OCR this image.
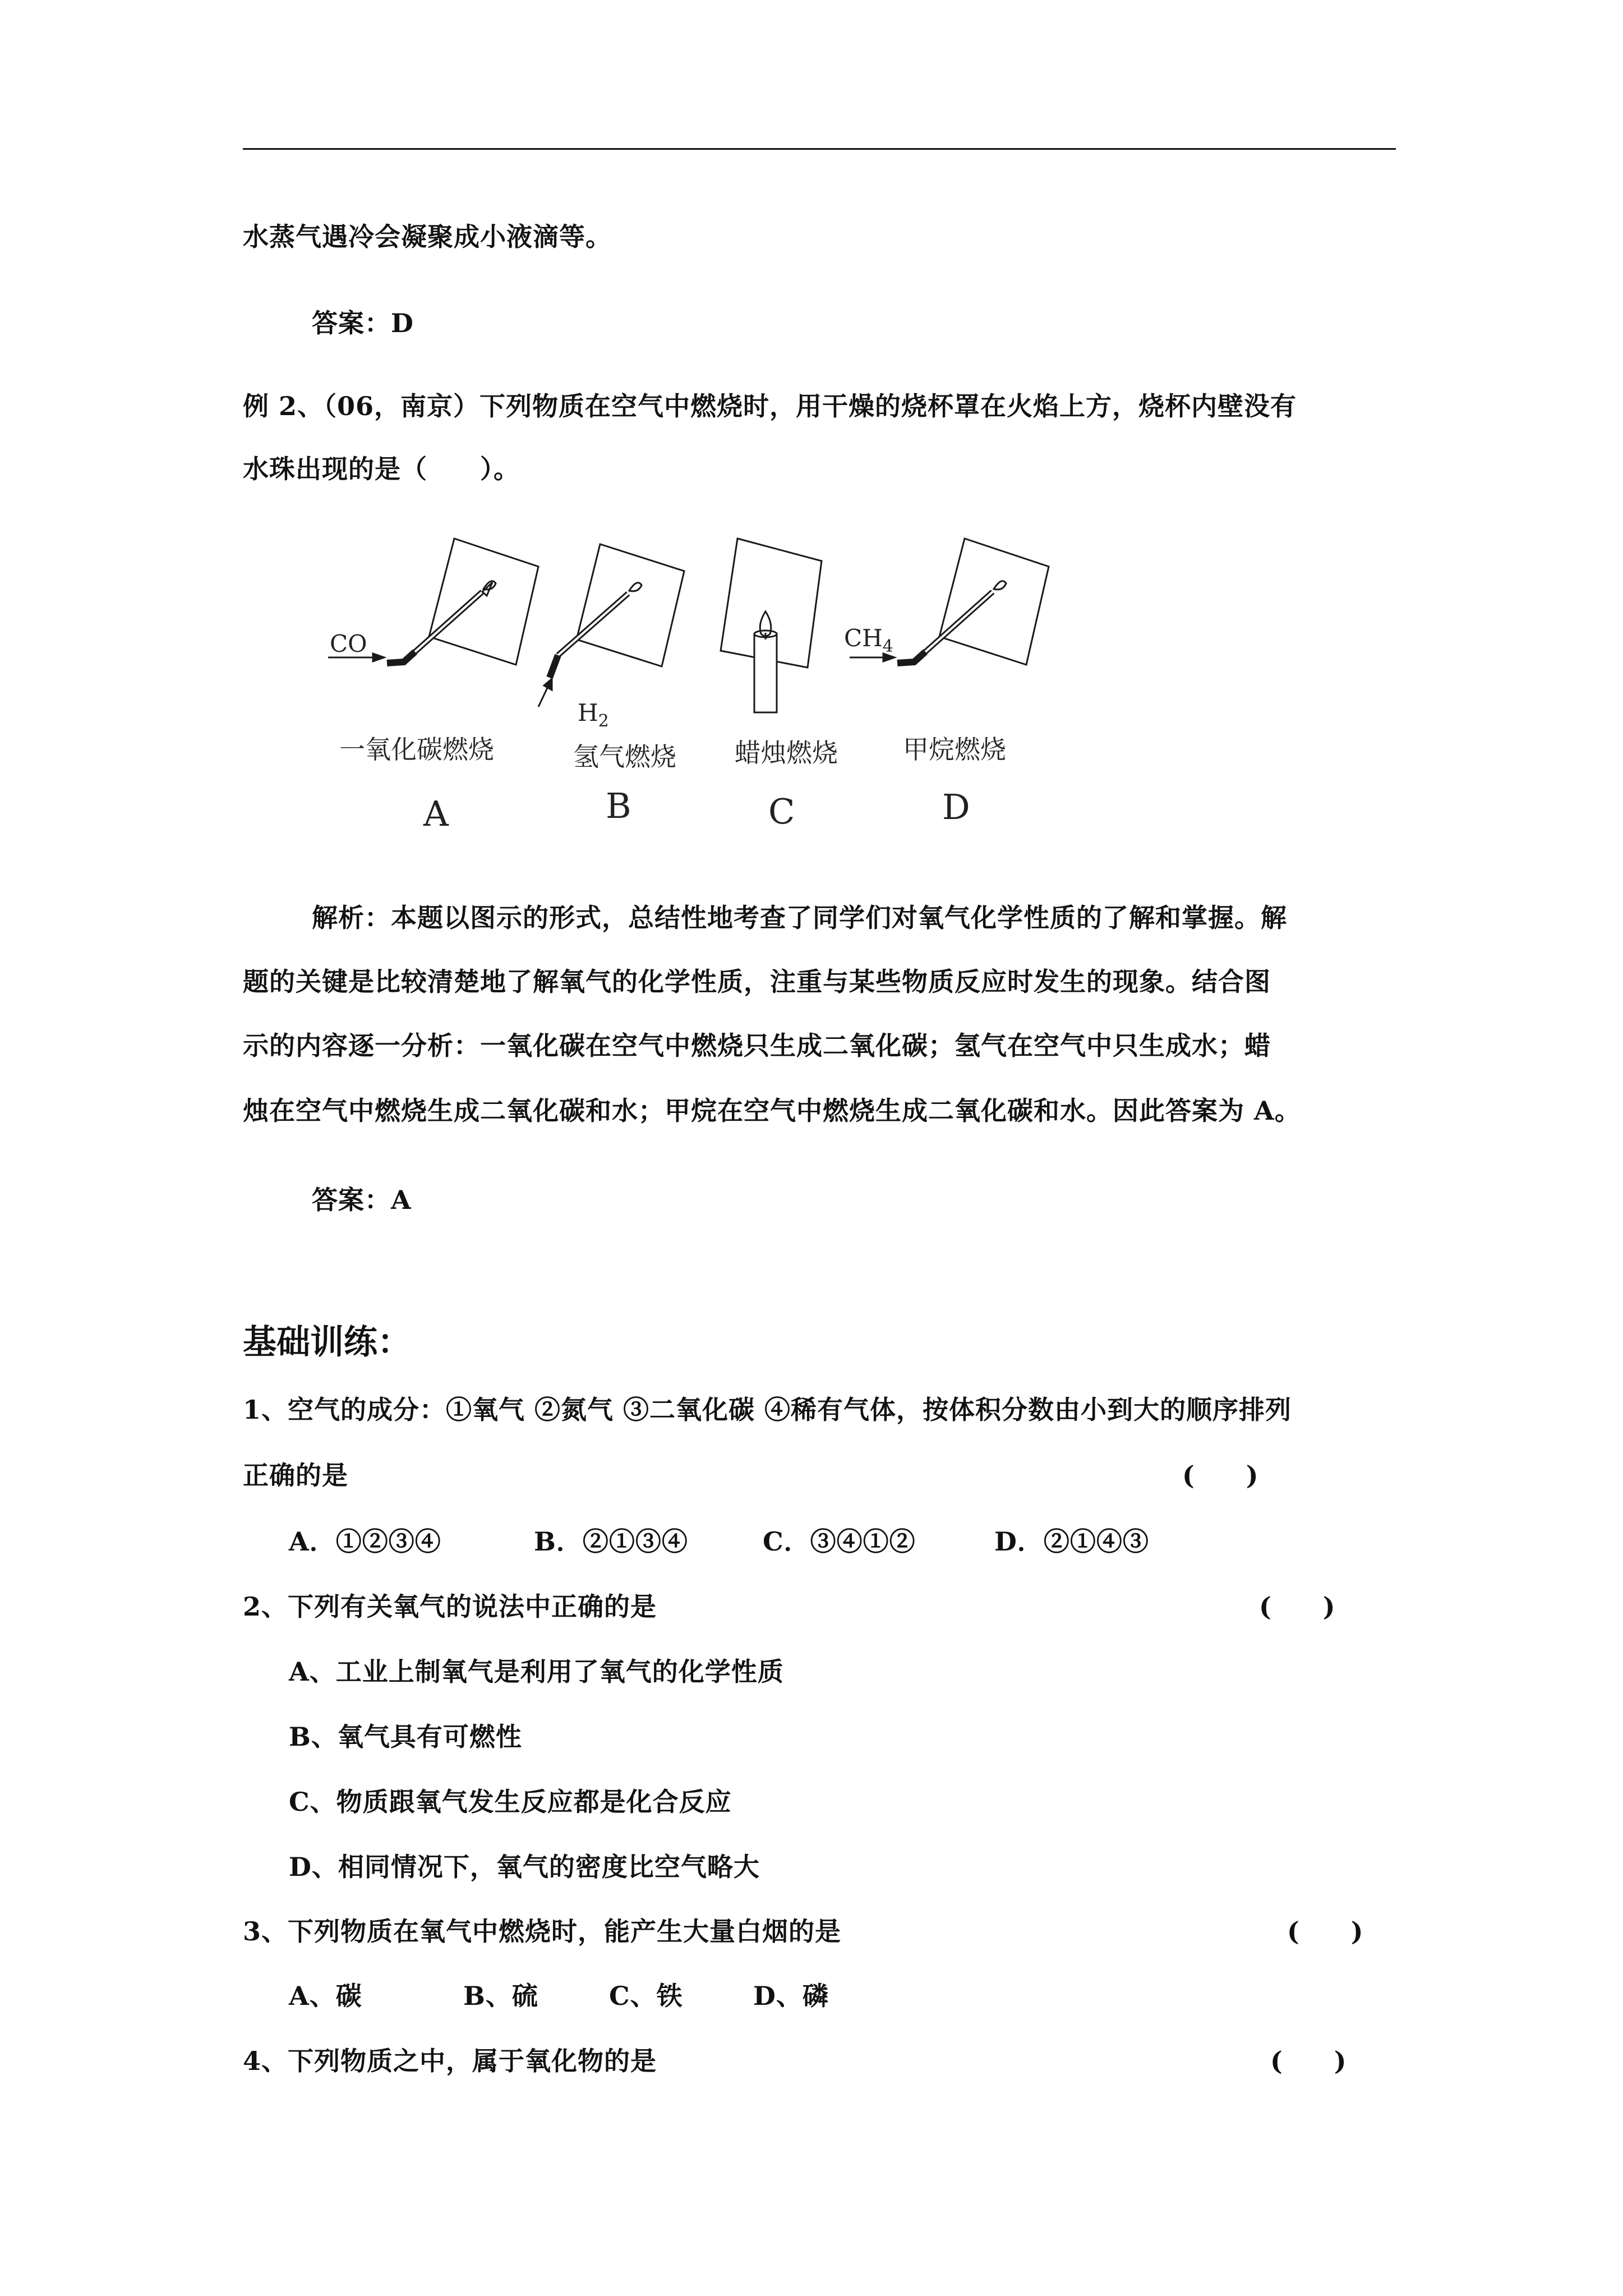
水蒸气遇冷会凝聚成小液滴等。
答案：D
例 2、（06，南京）下列物质在空气中燃烧时，用干燥的烧杯罩在火焰上方，烧杯内壁没有
水珠出现的是（　　）。
CO
$H_2$
$CH_4$
一氧化碳燃烧	氢气燃烧 蜡烛燃烧	甲烷燃烧
A	B	C	D
解析：本题以图示的形式，总结性地考查了同学们对氧气化学性质的了解和掌握。解
题的关键是比较清楚地了解氧气的化学性质，注重与某些物质反应时发生的现象。结合图
示的内容逐一分析：一氧化碳在空气中燃烧只生成二氧化碳；氢气在空气中只生成水；蜡
烛在空气中燃烧生成二氧化碳和水；甲烷在空气中燃烧生成二氧化碳和水。因此答案为 A。
答案：A
基础训练：
1、空气的成分：①氧气 ②氮气 ③二氧化碳 ④稀有气体，按体积分数由小到大的顺序排列
正确的是	(　　)
A．①②③④	B．②①③④	C．③④①②	D．②①④③
2、下列有关氧气的说法中正确的是	(　　)
A、工业上制氧气是利用了氧气的化学性质
B、氧气具有可燃性
C、物质跟氧气发生反应都是化合反应
D、相同情况下，氧气的密度比空气略大
3、下列物质在氧气中燃烧时，能产生大量白烟的是	(　　)
A、碳	B、硫	C、铁	D、磷
4、下列物质之中，属于氧化物的是	(　　)
